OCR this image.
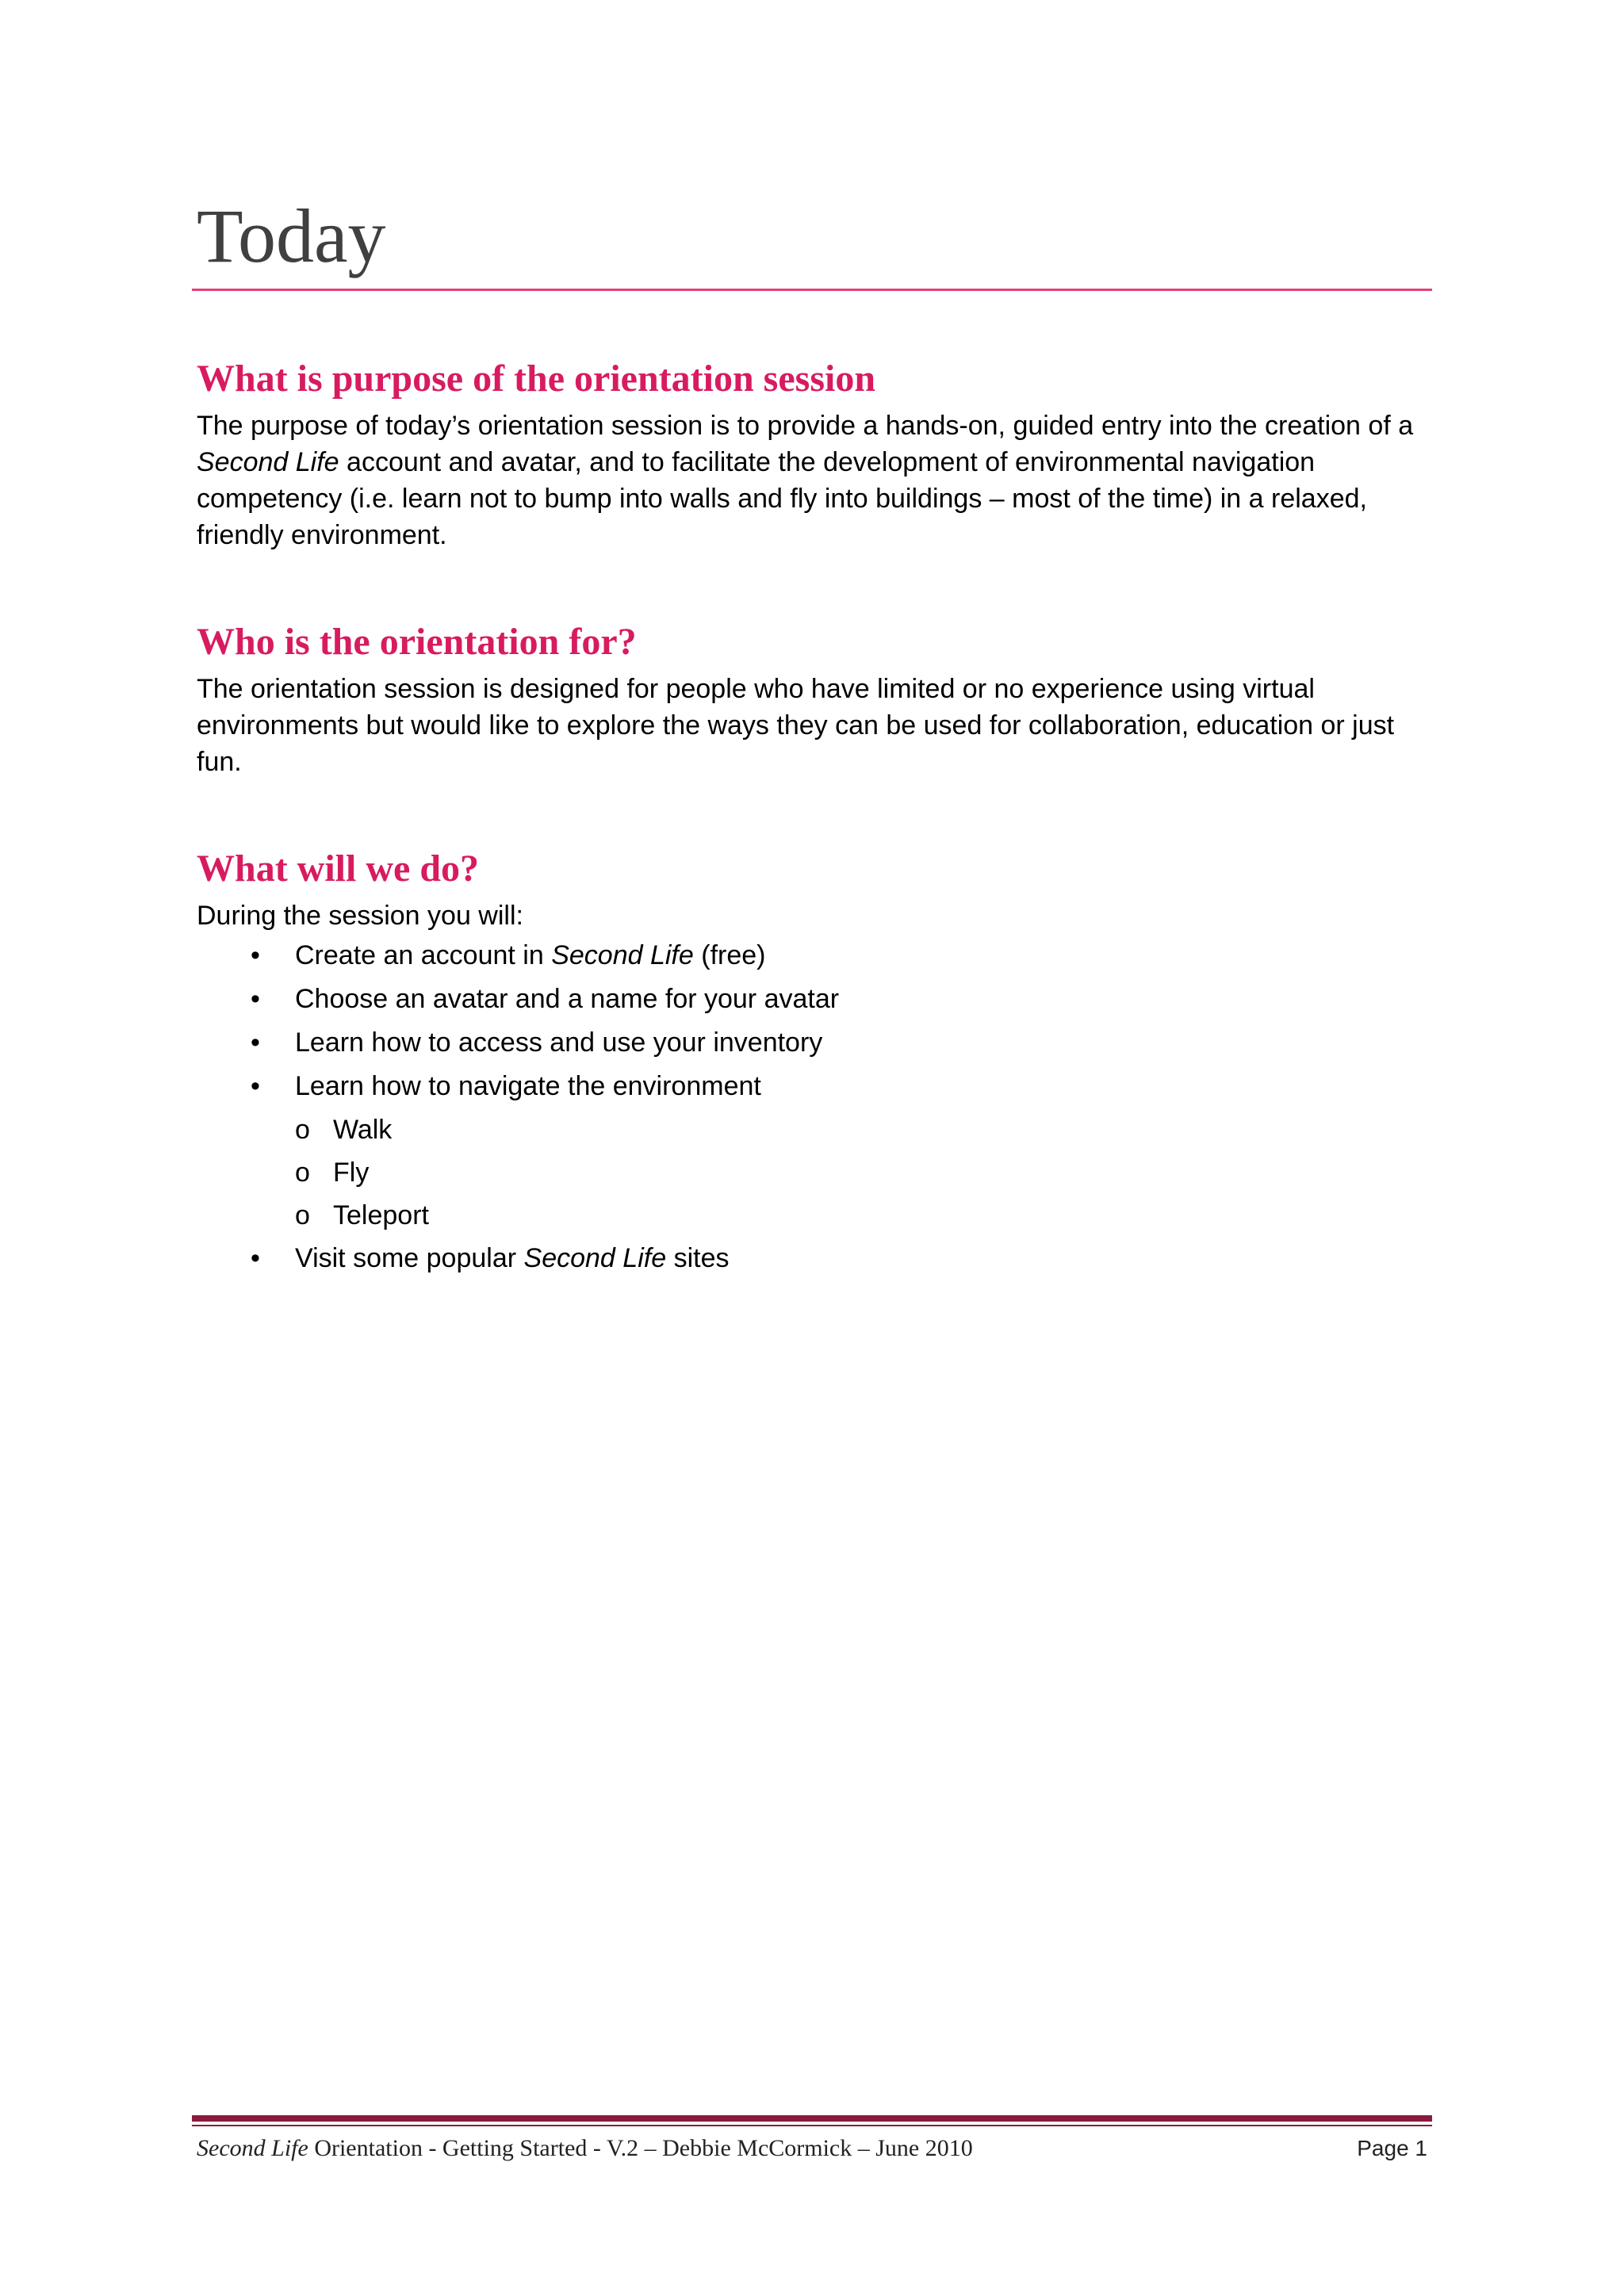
Today
What is purpose of the orientation session

The purpose of today’s orientation session is to provide a hands-on, guided entry into the creation of a Second Life account and avatar, and to facilitate the development of environmental navigation competency (i.e. learn not to bump into walls and fly into buildings – most of the time) in a relaxed, friendly environment.

Who is the orientation for?

The orientation session is designed for people who have limited or no experience using virtual environments but would like to explore the ways they can be used for collaboration, education or just fun.

What will we do?

During the session you will:

• Create an account in Second Life (free)
• Choose an avatar and a name for your avatar
• Learn how to access and use your inventory
• Learn how to navigate the environment
o Walk
o Fly
o Teleport
• Visit some popular Second Life sites
Second Life Orientation - Getting Started - V.2 – Debbie McCormick – June 2010	Page 1
